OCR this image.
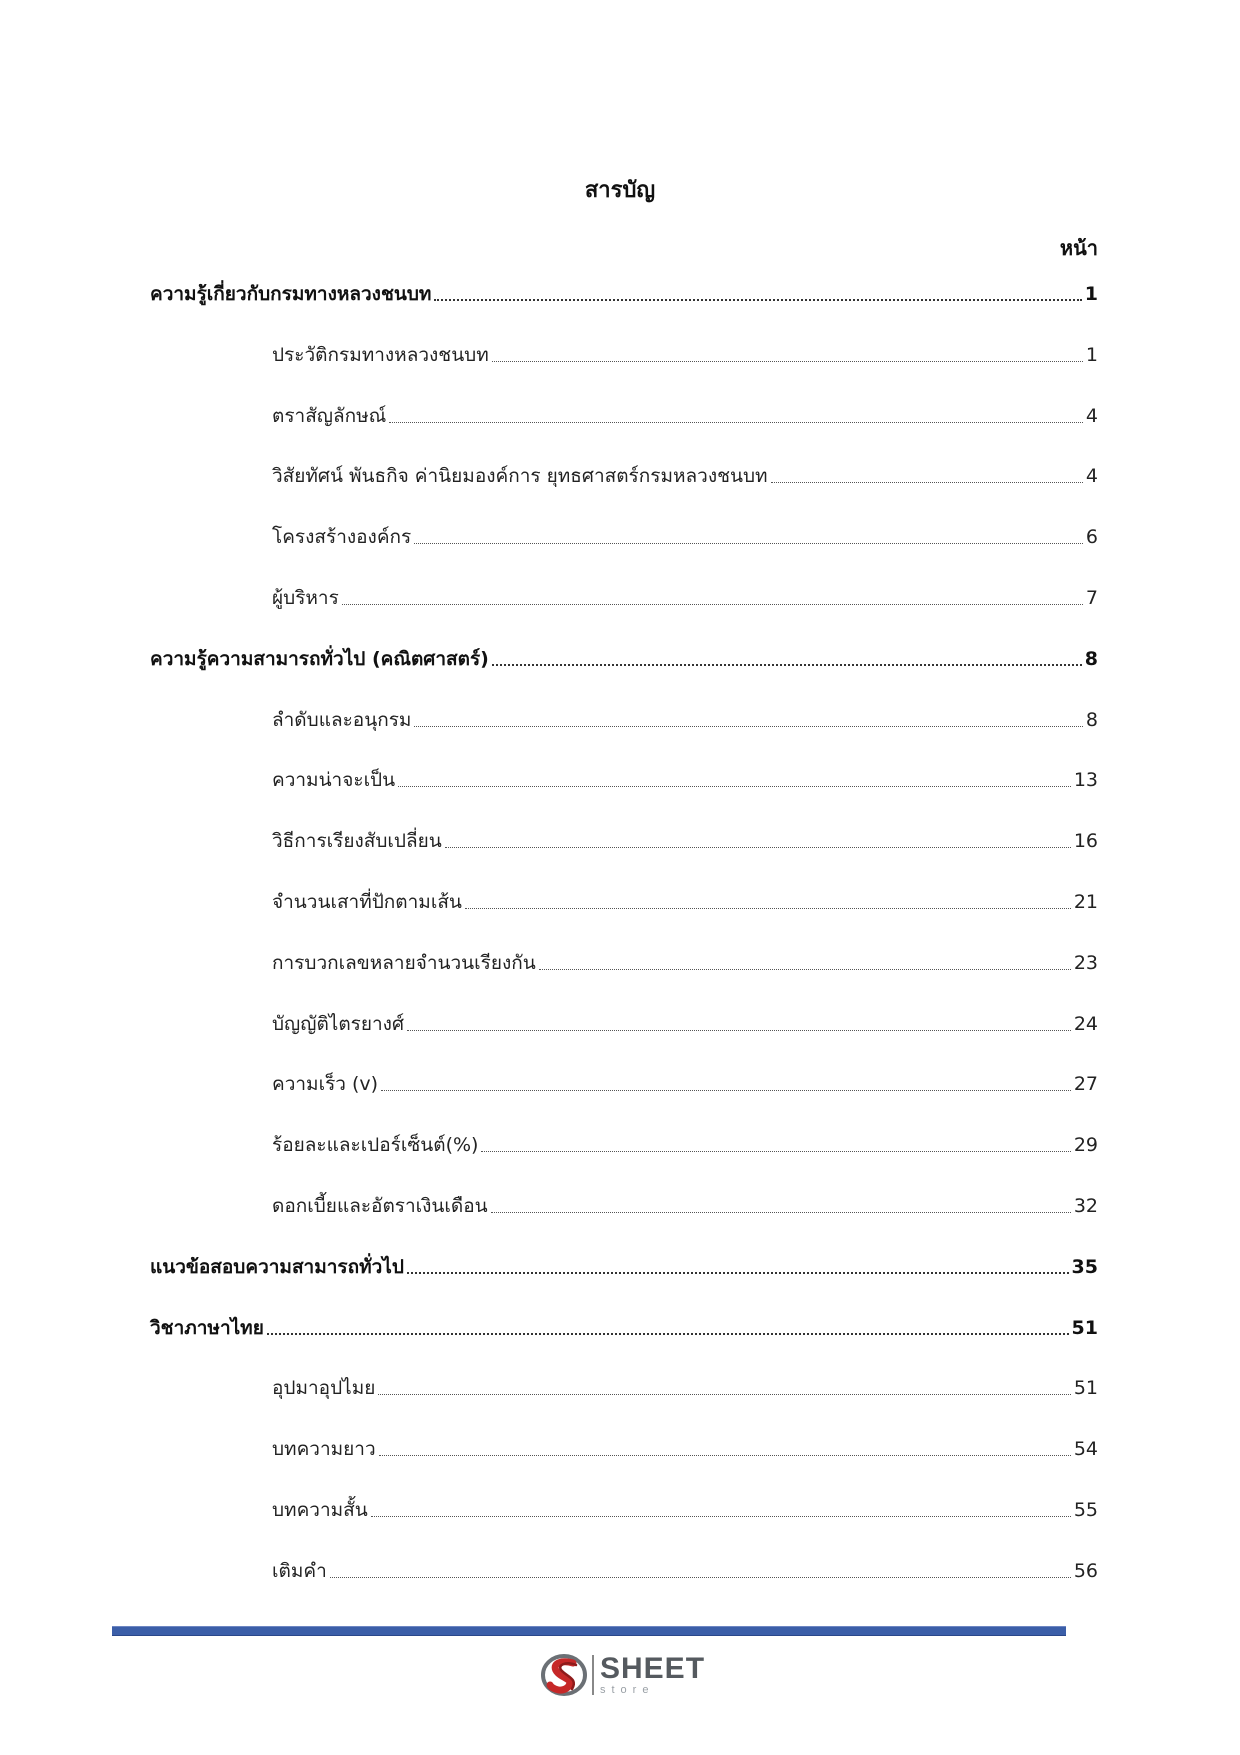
สารบัญ
หน้า
ความรู้เกี่ยวกับกรมทางหลวงชนบท	1
ประวัติกรมทางหลวงชนบท	1
ตราสัญลักษณ์	4
วิสัยทัศน์ พันธกิจ ค่านิยมองค์การ ยุทธศาสตร์กรมหลวงชนบท	4
โครงสร้างองค์กร	6
ผู้บริหาร	7
ความรู้ความสามารถทั่วไป (คณิตศาสตร์)	8
ลำดับและอนุกรม	8
ความน่าจะเป็น	13
วิธีการเรียงสับเปลี่ยน	16
จำนวนเสาที่ปักตามเส้น	21
การบวกเลขหลายจำนวนเรียงกัน	23
บัญญัติไตรยางศ์	24
ความเร็ว (v)	27
ร้อยละและเปอร์เซ็นต์(%)	29
ดอกเบี้ยและอัตราเงินเดือน	32
แนวข้อสอบความสามารถทั่วไป	35
วิชาภาษาไทย	51
อุปมาอุปไมย	51
บทความยาว	54
บทความสั้น	55
เติมคำ	56
SHEET
store
